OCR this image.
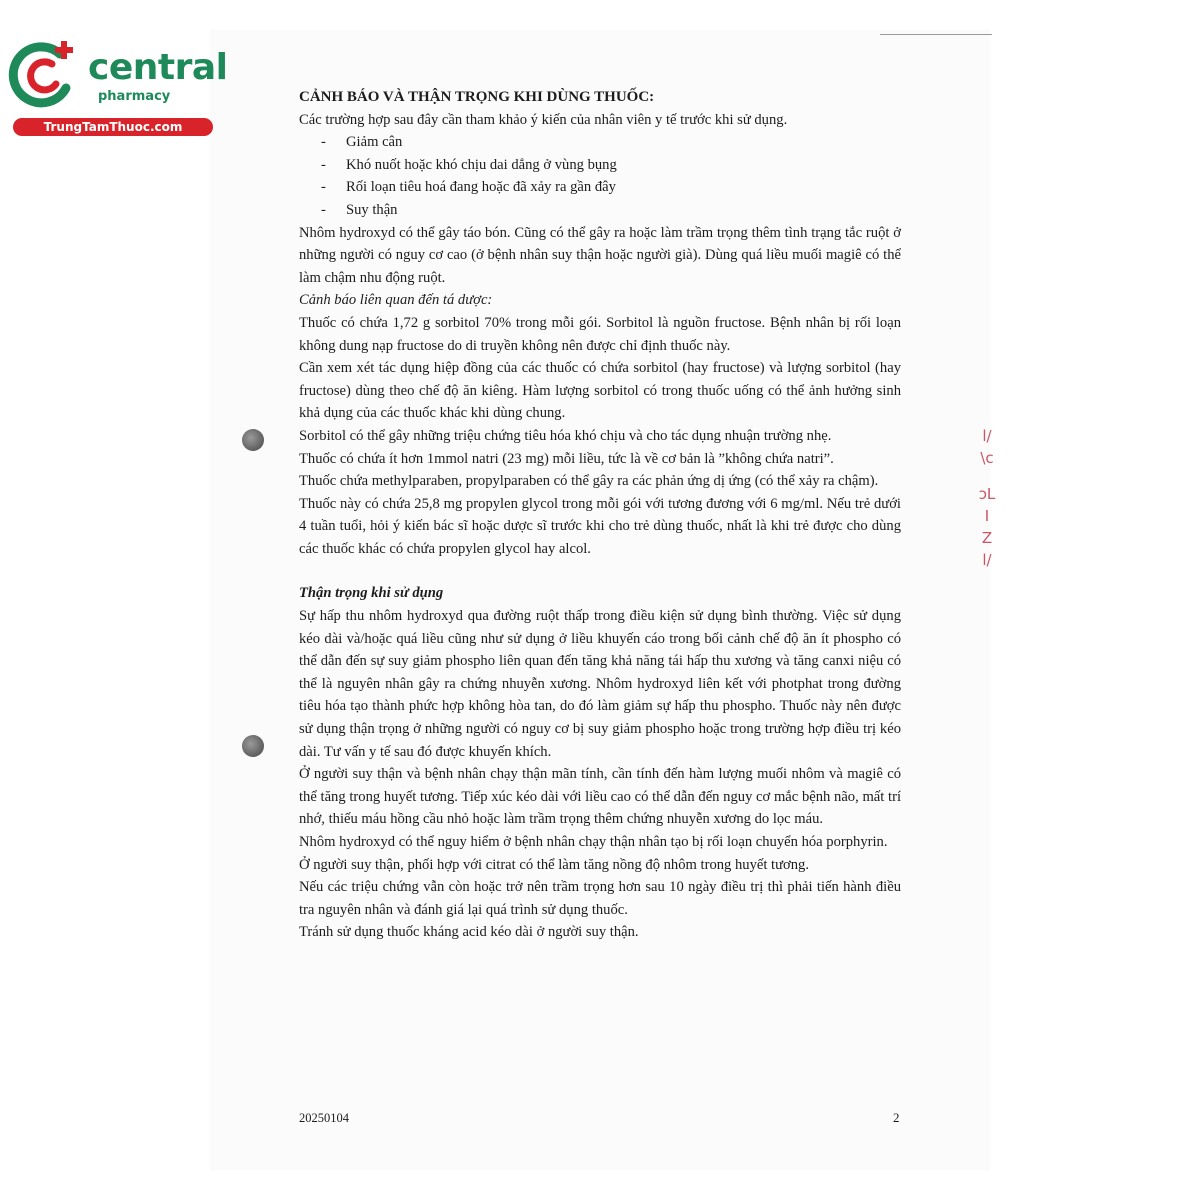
central
pharmacy
TrungTamThuoc.com
l/
\c
ɔL
I
Z
l/

CẢNH BÁO VÀ THẬN TRỌNG KHI DÙNG THUỐC:

Các trường hợp sau đây cần tham khảo ý kiến của nhân viên y tế trước khi sử dụng.

-	Giảm cân
-	Khó nuốt hoặc khó chịu dai dẳng ở vùng bụng
-	Rối loạn tiêu hoá đang hoặc đã xảy ra gần đây
-	Suy thận

Nhôm hydroxyd có thể gây táo bón. Cũng có thể gây ra hoặc làm trầm trọng thêm tình trạng tắc ruột ở những người có nguy cơ cao (ở bệnh nhân suy thận hoặc người già). Dùng quá liều muối magiê có thể làm chậm nhu động ruột.

Cảnh báo liên quan đến tá dược:

Thuốc có chứa 1,72 g sorbitol 70% trong mỗi gói. Sorbitol là nguồn fructose. Bệnh nhân bị rối loạn không dung nạp fructose do di truyền không nên được chỉ định thuốc này.

Cần xem xét tác dụng hiệp đồng của các thuốc có chứa sorbitol (hay fructose) và lượng sorbitol (hay fructose) dùng theo chế độ ăn kiêng. Hàm lượng sorbitol có trong thuốc uống có thể ảnh hưởng sinh khả dụng của các thuốc khác khi dùng chung.

Sorbitol có thể gây những triệu chứng tiêu hóa khó chịu và cho tác dụng nhuận trường nhẹ.

Thuốc có chứa ít hơn 1mmol natri (23 mg) mỗi liều, tức là về cơ bản là ”không chứa natri”.

Thuốc chứa methylparaben, propylparaben có thể gây ra các phản ứng dị ứng (có thể xảy ra chậm).

Thuốc này có chứa 25,8 mg propylen glycol trong mỗi gói với tương đương với 6 mg/ml. Nếu trẻ dưới 4 tuần tuổi, hỏi ý kiến bác sĩ hoặc dược sĩ trước khi cho trẻ dùng thuốc, nhất là khi trẻ được cho dùng các thuốc khác có chứa propylen glycol hay alcol.

Thận trọng khi sử dụng

Sự hấp thu nhôm hydroxyd qua đường ruột thấp trong điều kiện sử dụng bình thường. Việc sử dụng kéo dài và/hoặc quá liều cũng như sử dụng ở liều khuyến cáo trong bối cảnh chế độ ăn ít phospho có thể dẫn đến sự suy giảm phospho liên quan đến tăng khả năng tái hấp thu xương và tăng canxi niệu có thể là nguyên nhân gây ra chứng nhuyễn xương. Nhôm hydroxyd liên kết với photphat trong đường tiêu hóa tạo thành phức hợp không hòa tan, do đó làm giảm sự hấp thu phospho. Thuốc này nên được sử dụng thận trọng ở những người có nguy cơ bị suy giảm phospho hoặc trong trường hợp điều trị kéo dài. Tư vấn y tế sau đó được khuyến khích.

Ở người suy thận và bệnh nhân chạy thận mãn tính, cần tính đến hàm lượng muối nhôm và magiê có thể tăng trong huyết tương. Tiếp xúc kéo dài với liều cao có thể dẫn đến nguy cơ mắc bệnh não, mất trí nhớ, thiếu máu hồng cầu nhỏ hoặc làm trầm trọng thêm chứng nhuyễn xương do lọc máu.

Nhôm hydroxyd có thể nguy hiểm ở bệnh nhân chạy thận nhân tạo bị rối loạn chuyển hóa porphyrin.

Ở người suy thận, phối hợp với citrat có thể làm tăng nồng độ nhôm trong huyết tương.

Nếu các triệu chứng vẫn còn hoặc trở nên trầm trọng hơn sau 10 ngày điều trị thì phải tiến hành điều tra nguyên nhân và đánh giá lại quá trình sử dụng thuốc.

Tránh sử dụng thuốc kháng acid kéo dài ở người suy thận.

20250104	2
